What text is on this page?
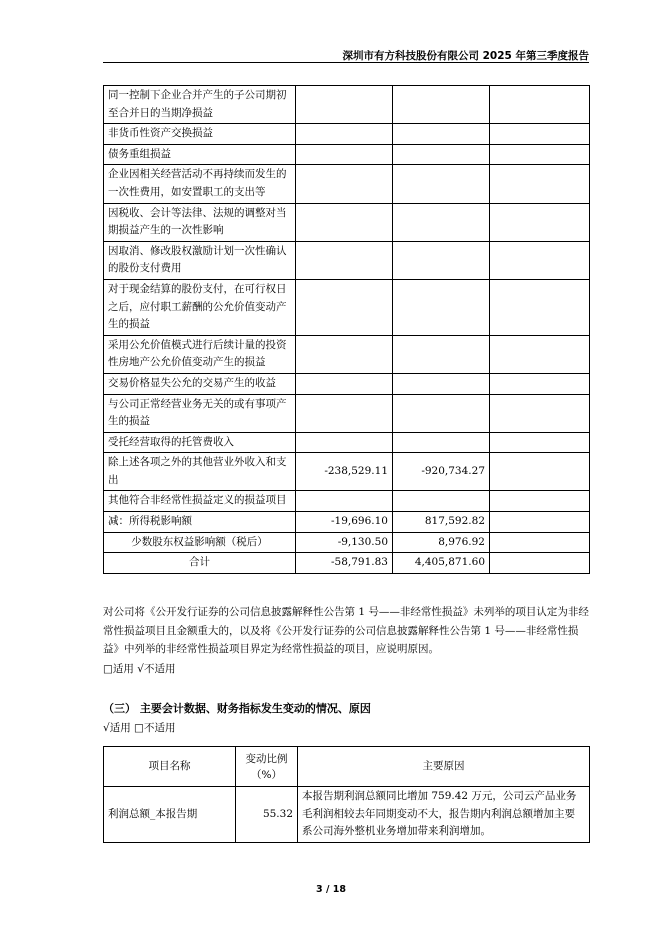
深圳市有方科技股份有限公司 2025 年第三季度报告
同一控制下企业合并产生的子公司期初至合并日的当期净损益			
非货币性资产交换损益			
债务重组损益			
企业因相关经营活动不再持续而发生的一次性费用，如安置职工的支出等			
因税收、会计等法律、法规的调整对当期损益产生的一次性影响			
因取消、修改股权激励计划一次性确认的股份支付费用			
对于现金结算的股份支付，在可行权日之后，应付职工薪酬的公允价值变动产生的损益			
采用公允价值模式进行后续计量的投资性房地产公允价值变动产生的损益			
交易价格显失公允的交易产生的收益			
与公司正常经营业务无关的或有事项产生的损益			
受托经营取得的托管费收入			
除上述各项之外的其他营业外收入和支出	-238,529.11	-920,734.27	
其他符合非经常性损益定义的损益项目			
减：所得税影响额	-19,696.10	817,592.82	
少数股东权益影响额（税后）	-9,130.50	8,976.92	
合计	-58,791.83	4,405,871.60	
对公司将《公开发行证券的公司信息披露解释性公告第 1 号——非经常性损益》未列举的项目认定为非经常性损益项目且金额重大的，以及将《公开发行证券的公司信息披露解释性公告第 1 号——非经常性损益》中列举的非经常性损益项目界定为经常性损益的项目，应说明原因。
□适用 √不适用
（三） 主要会计数据、财务指标发生变动的情况、原因
√适用 □不适用
项目名称	变动比例（%）	主要原因
利润总额_本报告期	55.32	本报告期利润总额同比增加 759.42 万元，公司云产品业务毛利润相较去年同期变动不大，报告期内利润总额增加主要系公司海外整机业务增加带来利润增加。
3 / 18
